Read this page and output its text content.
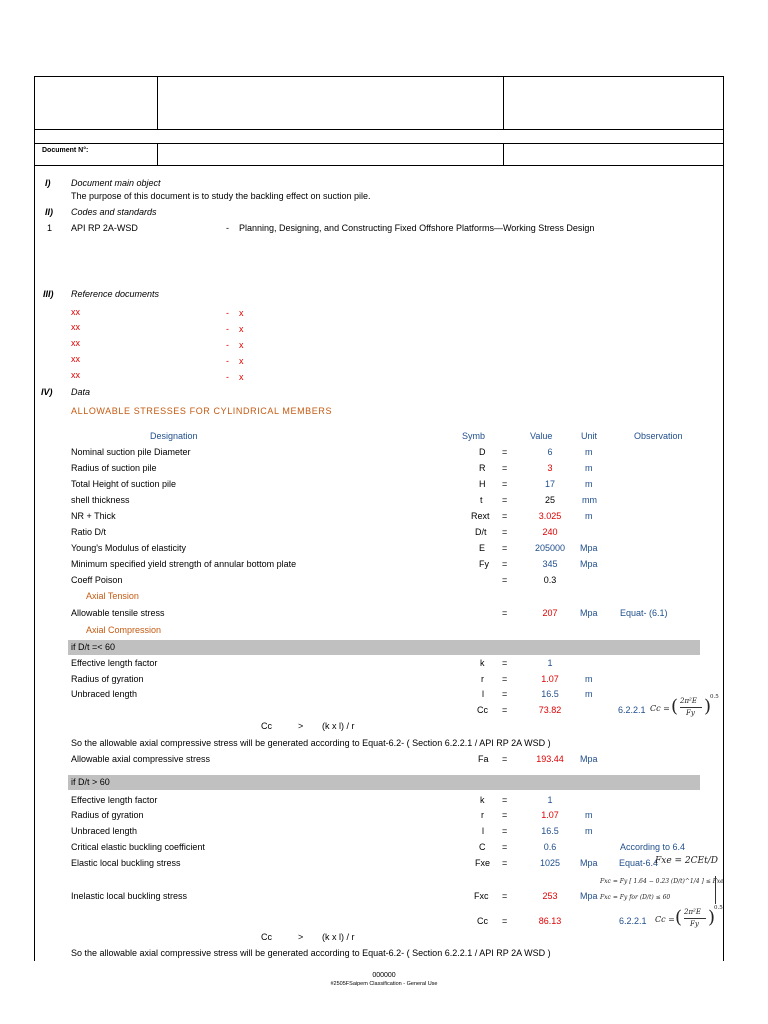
Document N°:
I) Document main object
The purpose of this document is to study the backling effect on suction pile.
II) Codes and standards
1 API RP 2A-WSD	- Planning, Designing, and Constructing Fixed Offshore Platforms—Working Stress Design
III) Reference documents
xx	- x
xx	- x
xx	- x
xx	- x
xx	- x
IV) Data
ALLOWABLE STRESSES FOR CYLINDRICAL MEMBERS
Designation	Symb	Value	Unit	Observation
Nominal suction pile Diameter	D =	6	m
Radius of suction pile	R =	3	m
Total Height of suction pile	H =	17	m
shell thickness	t =	25	mm
NR + Thick	Rext =	3.025	m
Ratio D/t	D/t =	240
Young's Modulus of elasticity	E =	205000	Mpa
Minimum specified yield strength of annular bottom plate	Fy =	345	Mpa
Coeff Poison	=	0.3
Axial Tension
Allowable tensile stress	=	207	Mpa Equat- (6.1)
Axial Compression
if D/t =< 60
Effective length factor	k =	1
Radius of gyration	r =	1.07	m
Unbraced length	l =	16.5	m
Cc =	73.82	6.2.2.1 Cc = ( 2π²E
Fy )
0.5
Cc	> (k x l) / r
So the allowable axial compressive stress will be generated according to Equat-6.2- ( Section 6.2.2.1 / API RP 2A WSD )
Allowable axial compressive stress	Fa =	193.44	Mpa
if D/t > 60
Effective length factor	k =	1
Radius of gyration	r =	1.07	m
Unbraced length	l =	16.5	m
Critical elastic buckling coefficient	C =	0.6	According to 6.4
Elastic local buckling stress	Fxe =	1025	Mpa Equat-6.4
Fxe = 2CEt/D
Inelastic local buckling stress	Fxc =	253	Mpa
Fxc = Fy [ 1.64 − 0.23 (D/t)^1/4 ] ≤ Fxe
Fxc = Fy for (D/t) ≤ 60
Cc =	86.13	6.2.2.1 Cc = ( 2π²E
Fy )
0.5
Cc	> (k x l) / r
So the allowable axial compressive stress will be generated according to Equat-6.2- ( Section 6.2.2.1 / API RP 2A WSD )
000000
#2505FSaipem Classification - General Use
